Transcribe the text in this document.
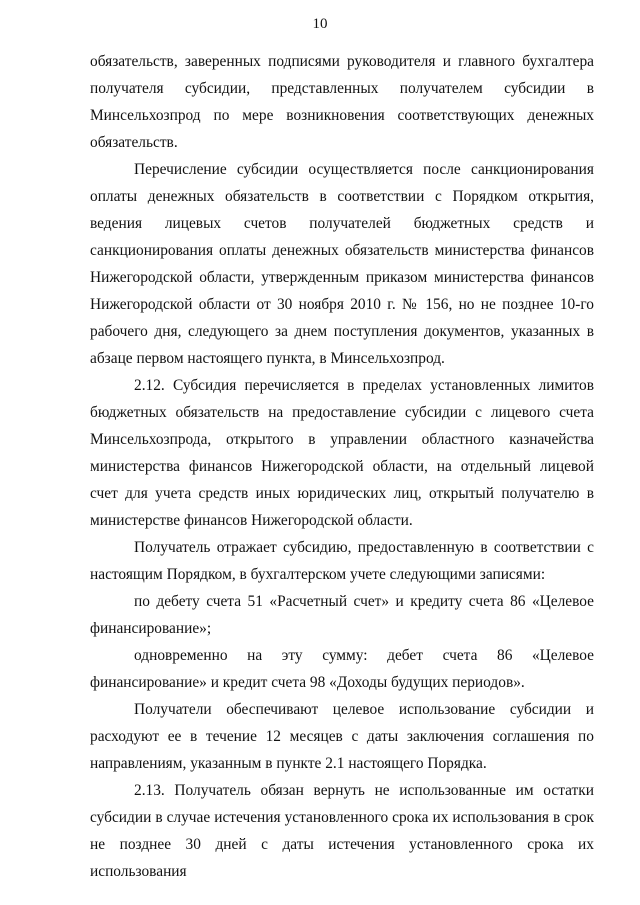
10

обязательств, заверенных подписями руководителя и главного бухгалтера получателя субсидии, представленных получателем субсидии в Минсельхозпрод по мере возникновения соответствующих денежных обязательств.

Перечисление субсидии осуществляется после санкционирования оплаты денежных обязательств в соответствии с Порядком открытия, ведения лицевых счетов получателей бюджетных средств и санкционирования оплаты денежных обязательств министерства финансов Нижегородской области, утвержденным приказом министерства финансов Нижегородской области от 30 ноября 2010 г. № 156, но не позднее 10-го рабочего дня, следующего за днем поступления документов, указанных в абзаце первом настоящего пункта, в Минсельхозпрод.

2.12. Субсидия перечисляется в пределах установленных лимитов бюджетных обязательств на предоставление субсидии с лицевого счета Минсельхозпрода, открытого в управлении областного казначейства министерства финансов Нижегородской области, на отдельный лицевой счет для учета средств иных юридических лиц, открытый получателю в министерстве финансов Нижегородской области.

Получатель отражает субсидию, предоставленную в соответствии с настоящим Порядком, в бухгалтерском учете следующими записями:

по дебету счета 51 «Расчетный счет» и кредиту счета 86 «Целевое финансирование»;

одновременно на эту сумму: дебет счета 86 «Целевое финансирование» и кредит счета 98 «Доходы будущих периодов».

Получатели обеспечивают целевое использование субсидии и расходуют ее в течение 12 месяцев с даты заключения соглашения по направлениям, указанным в пункте 2.1 настоящего Порядка.

2.13. Получатель обязан вернуть не использованные им остатки субсидии в случае истечения установленного срока их использования в срок не позднее 30 дней с даты истечения установленного срока их использования
